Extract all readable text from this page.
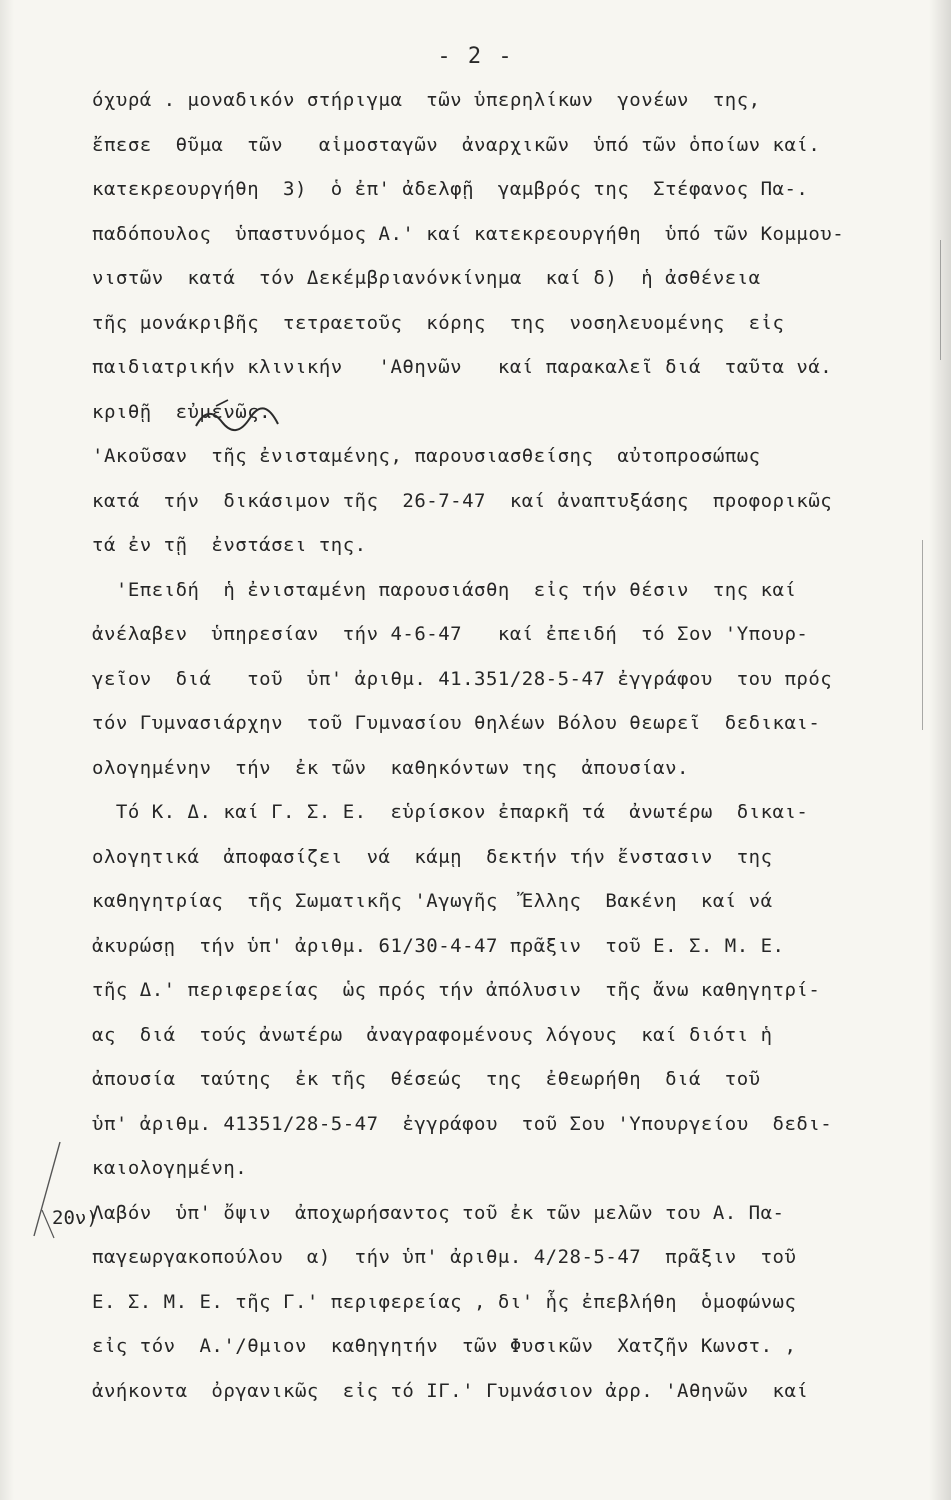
- 2 -
όχυρά . μοναδικόν στήριγμα  τῶν ὑπερηλίκων  γονέων  της,
ἔπεσε  θῦμα  τῶν   αἱμοσταγῶν  ἀναρχικῶν  ὑπό τῶν ὁποίων καί.
κατεκρεουργήθη  3)  ὁ ἐπ' ἀδελφῇ  γαμβρός της  Στέφανος Πα-.
παδόπουλος  ὑπαστυνόμος Α.' καί κατεκρεουργήθη  ὑπό τῶν Κομμου-
νιστῶν  κατά  τόν Δεκέμβριανόνκίνημα  καί δ)  ἡ ἀσθένεια
τῆς μονάκριβῆς  τετραετοῦς  κόρης  της  νοσηλευομένης  εἰς
παιδιατρικήν κλινικήν   'Αθηνῶν   καί παρακαλεῖ διά  ταῦτα νά.
κριθῇ  εὐμενῶς.
'Ακοῦσαν  τῆς ἐνισταμένης, παρουσιασθείσης  αὐτοπροσώπως
κατά  τήν  δικάσιμον τῆς  26-7-47  καί ἀναπτυξάσης  προφορικῶς
τά ἐν τῇ  ἐνστάσει της.
'Επειδή  ἡ ἐνισταμένη παρουσιάσθη  εἰς τήν θέσιν  της καί
ἀνέλαβεν  ὑπηρεσίαν  τήν 4-6-47   καί ἐπειδή  τό Σον 'Υπουρ-
γεῖον  διά   τοῦ  ὑπ' ἀριθμ. 41.351/28-5-47 ἐγγράφου  του πρός
τόν Γυμνασιάρχην  τοῦ Γυμνασίου θηλέων Βόλου θεωρεῖ  δεδικαι-
ολογημένην  τήν  ἐκ τῶν  καθηκόντων της  ἀπουσίαν.
Τό Κ. Δ. καί Γ. Σ. Ε.  εὑρίσκον ἐπαρκῆ τά  ἀνωτέρω  δικαι-
ολογητικά  ἀποφασίζει  νά  κάμῃ  δεκτήν τήν ἔνστασιν  της
καθηγητρίας  τῆς Σωματικῆς 'Αγωγῆς  Ἔλλης  Βακένη  καί νά
ἀκυρώσῃ  τήν ὑπ' ἀριθμ. 61/30-4-47 πρᾶξιν  τοῦ Ε. Σ. Μ. Ε.
τῆς Δ.' περιφερείας  ὡς πρός τήν ἀπόλυσιν  τῆς ἄνω καθηγητρί-
ας  διά  τούς ἀνωτέρω  ἀναγραφομένους λόγους  καί διότι ἡ
ἀπουσία  ταύτης  ἐκ τῆς  θέσεώς  της  ἐθεωρήθη  διά  τοῦ
ὑπ' ἀριθμ. 41351/28-5-47  ἐγγράφου  τοῦ Σου 'Υπουργείου  δεδι-
καιολογημένη.
Λαβόν  ὑπ' ὄψιν  ἀποχωρήσαντος τοῦ ἐκ τῶν μελῶν του Α. Πα-
παγεωργακοπούλου  α)  τήν ὑπ' ἀριθμ. 4/28-5-47  πρᾶξιν  τοῦ
Ε. Σ. Μ. Ε. τῆς Γ.' περιφερείας , δι' ἧς ἐπεβλήθη  ὁμοφώνως
εἰς τόν  Α.'/θμιον  καθηγητήν  τῶν Φυσικῶν  Χατζῆν Κωνστ. ,
ἀνήκοντα  ὀργανικῶς  εἰς τό ΙΓ.' Γυμνάσιον ἀρρ. 'Αθηνῶν  καί
20ν)
